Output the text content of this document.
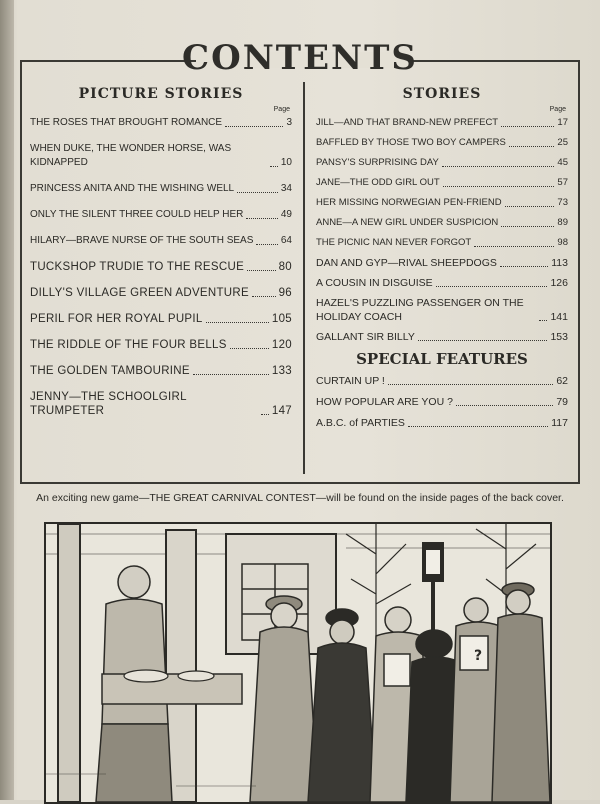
CONTENTS
PICTURE STORIES
Page
THE ROSES THAT BROUGHT ROMANCE	3
WHEN DUKE, THE WONDER HORSE, WAS KIDNAPPED	10
PRINCESS ANITA AND THE WISHING WELL	34
ONLY THE SILENT THREE COULD HELP HER	49
HILARY—BRAVE NURSE OF THE SOUTH SEAS	64
TUCKSHOP TRUDIE TO THE RESCUE	80
DILLY'S VILLAGE GREEN ADVENTURE	96
PERIL FOR HER ROYAL PUPIL	105
THE RIDDLE OF THE FOUR BELLS	120
THE GOLDEN TAMBOURINE	133
JENNY—THE SCHOOLGIRL TRUMPETER	147
STORIES
Page
JILL—AND THAT BRAND-NEW PREFECT	17
BAFFLED BY THOSE TWO BOY CAMPERS	25
PANSY'S SURPRISING DAY	45
JANE—THE ODD GIRL OUT	57
HER MISSING NORWEGIAN PEN-FRIEND	73
ANNE—A NEW GIRL UNDER SUSPICION	89
THE PICNIC NAN NEVER FORGOT	98
DAN AND GYP—RIVAL SHEEPDOGS	113
A COUSIN IN DISGUISE	126
HAZEL'S PUZZLING PASSENGER ON THE HOLIDAY COACH	141
GALLANT SIR BILLY	153
SPECIAL FEATURES
CURTAIN UP !	62
HOW POPULAR ARE YOU ?	79
A.B.C. of PARTIES	117
An exciting new game—THE GREAT CARNIVAL CONTEST—will be found on the inside pages of the back cover.
?
